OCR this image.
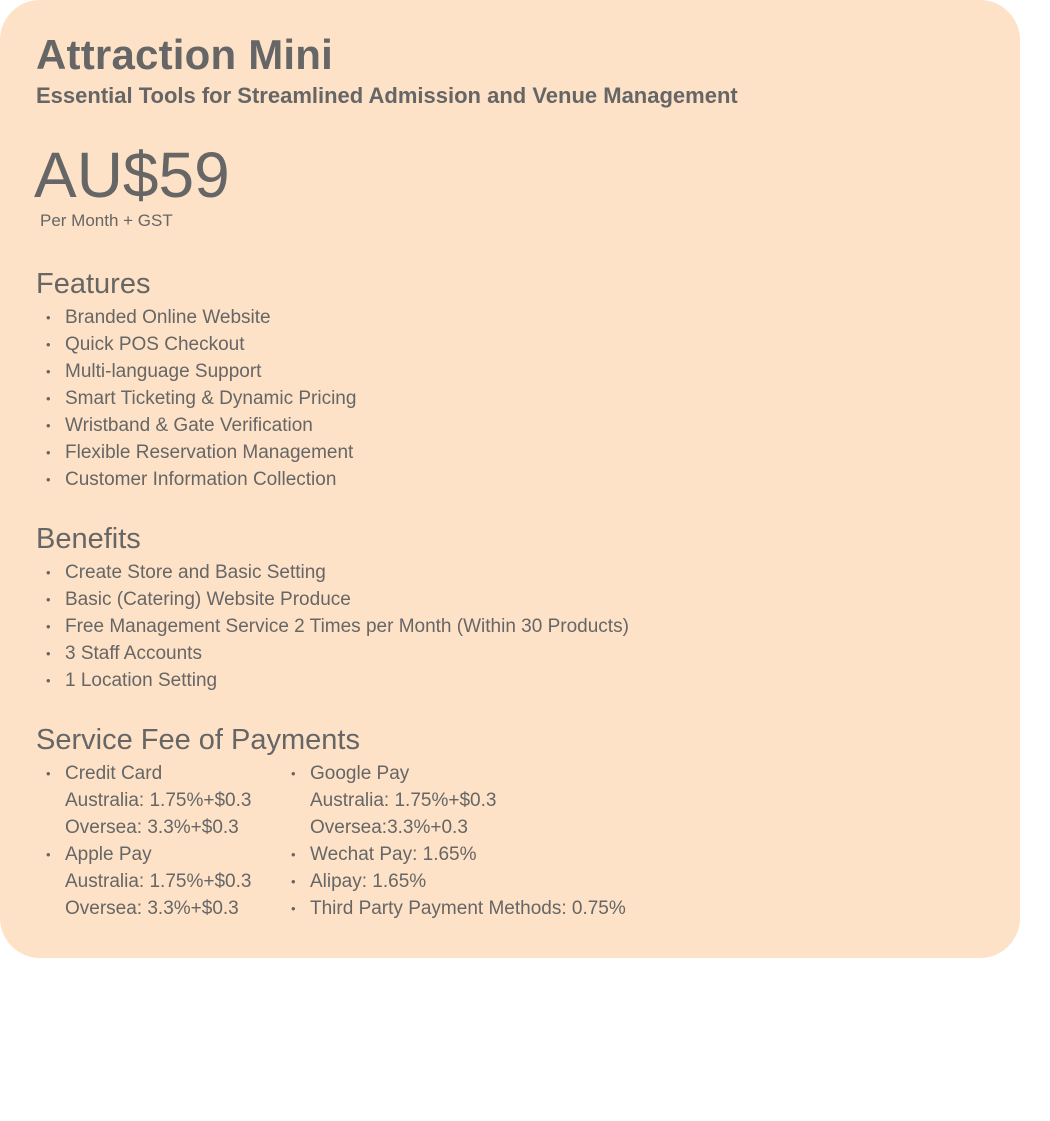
Attraction Mini
Essential Tools for Streamlined Admission and Venue Management
AU$59
Per Month + GST
Features
• Branded Online Website
• Quick POS Checkout
• Multi-language Support
• Smart Ticketing & Dynamic Pricing
• Wristband & Gate Verification
• Flexible Reservation Management
• Customer Information Collection
Benefits
• Create Store and Basic Setting
• Basic (Catering) Website Produce
• Free Management Service 2 Times per Month (Within 30 Products)
• 3 Staff Accounts
• 1 Location Setting
Service Fee of Payments
• Credit Card
Australia: 1.75%+$0.3
Oversea: 3.3%+$0.3
• Apple Pay
Australia: 1.75%+$0.3
Oversea: 3.3%+$0.3
• Google Pay
Australia: 1.75%+$0.3
Oversea:3.3%+0.3
• Wechat Pay: 1.65%
• Alipay: 1.65%
• Third Party Payment Methods: 0.75%
